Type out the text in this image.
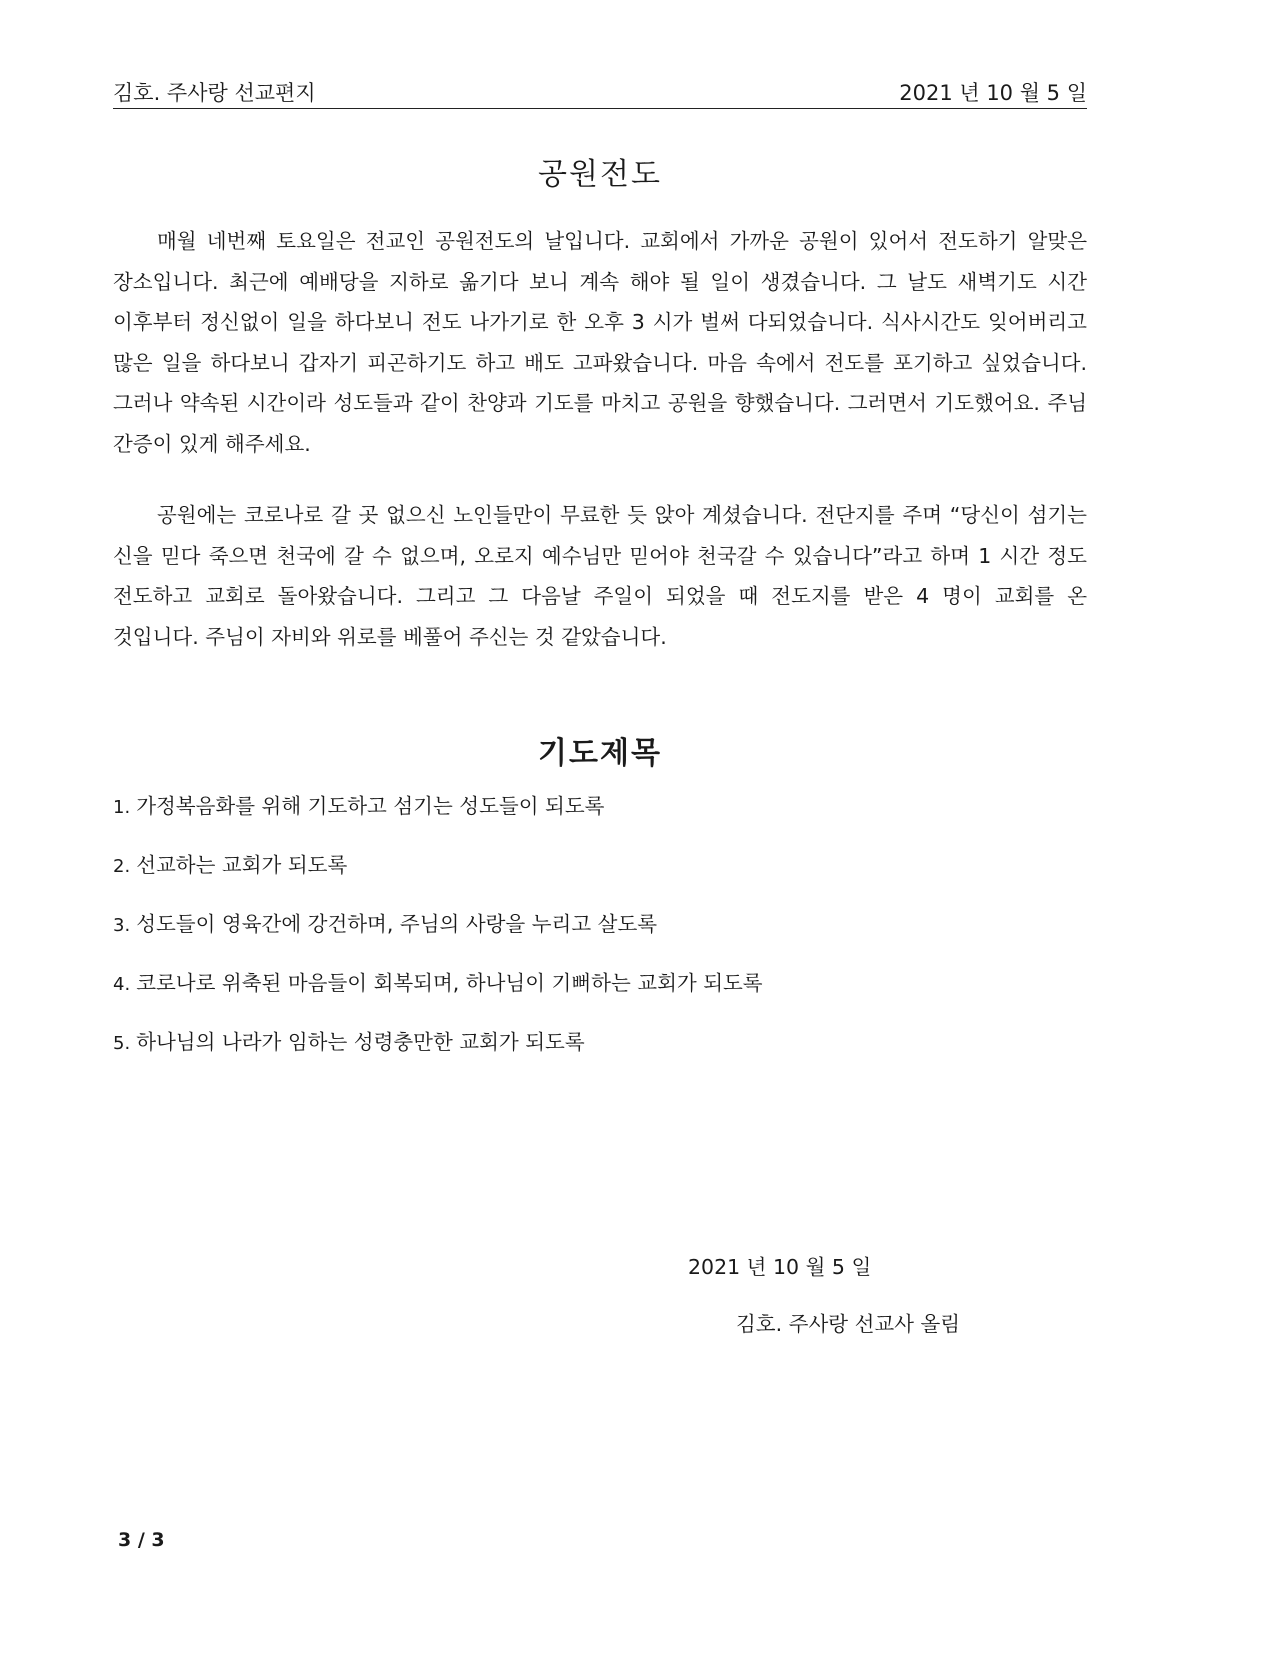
김호. 주사랑 선교편지	2021 년 10 월 5 일
공원전도

매월 네번째 토요일은 전교인 공원전도의 날입니다. 교회에서 가까운 공원이 있어서 전도하기 알맞은 장소입니다. 최근에 예배당을 지하로 옮기다 보니 계속 해야 될 일이 생겼습니다. 그 날도 새벽기도 시간 이후부터 정신없이 일을 하다보니 전도 나가기로 한 오후 3 시가 벌써 다되었습니다. 식사시간도 잊어버리고 많은 일을 하다보니 갑자기 피곤하기도 하고 배도 고파왔습니다. 마음 속에서 전도를 포기하고 싶었습니다. 그러나 약속된 시간이라 성도들과 같이 찬양과 기도를 마치고 공원을 향했습니다. 그러면서 기도했어요. 주님 간증이 있게 해주세요.

공원에는 코로나로 갈 곳 없으신 노인들만이 무료한 듯 앉아 계셨습니다. 전단지를 주며 “당신이 섬기는 신을 믿다 죽으면 천국에 갈 수 없으며, 오로지 예수님만 믿어야 천국갈 수 있습니다”라고 하며 1 시간 정도 전도하고 교회로 돌아왔습니다. 그리고 그 다음날 주일이 되었을 때 전도지를 받은 4 명이 교회를 온 것입니다. 주님이 자비와 위로를 베풀어 주신는 것 같았습니다.

기도제목
1. 가정복음화를 위해 기도하고 섬기는 성도들이 되도록
2. 선교하는 교회가 되도록
3. 성도들이 영육간에 강건하며, 주님의 사랑을 누리고 살도록
4. 코로나로 위축된 마음들이 회복되며, 하나님이 기뻐하는 교회가 되도록
5. 하나님의 나라가 임하는 성령충만한 교회가 되도록
2021 년 10 월 5 일
김호. 주사랑 선교사 올림
3 / 3
